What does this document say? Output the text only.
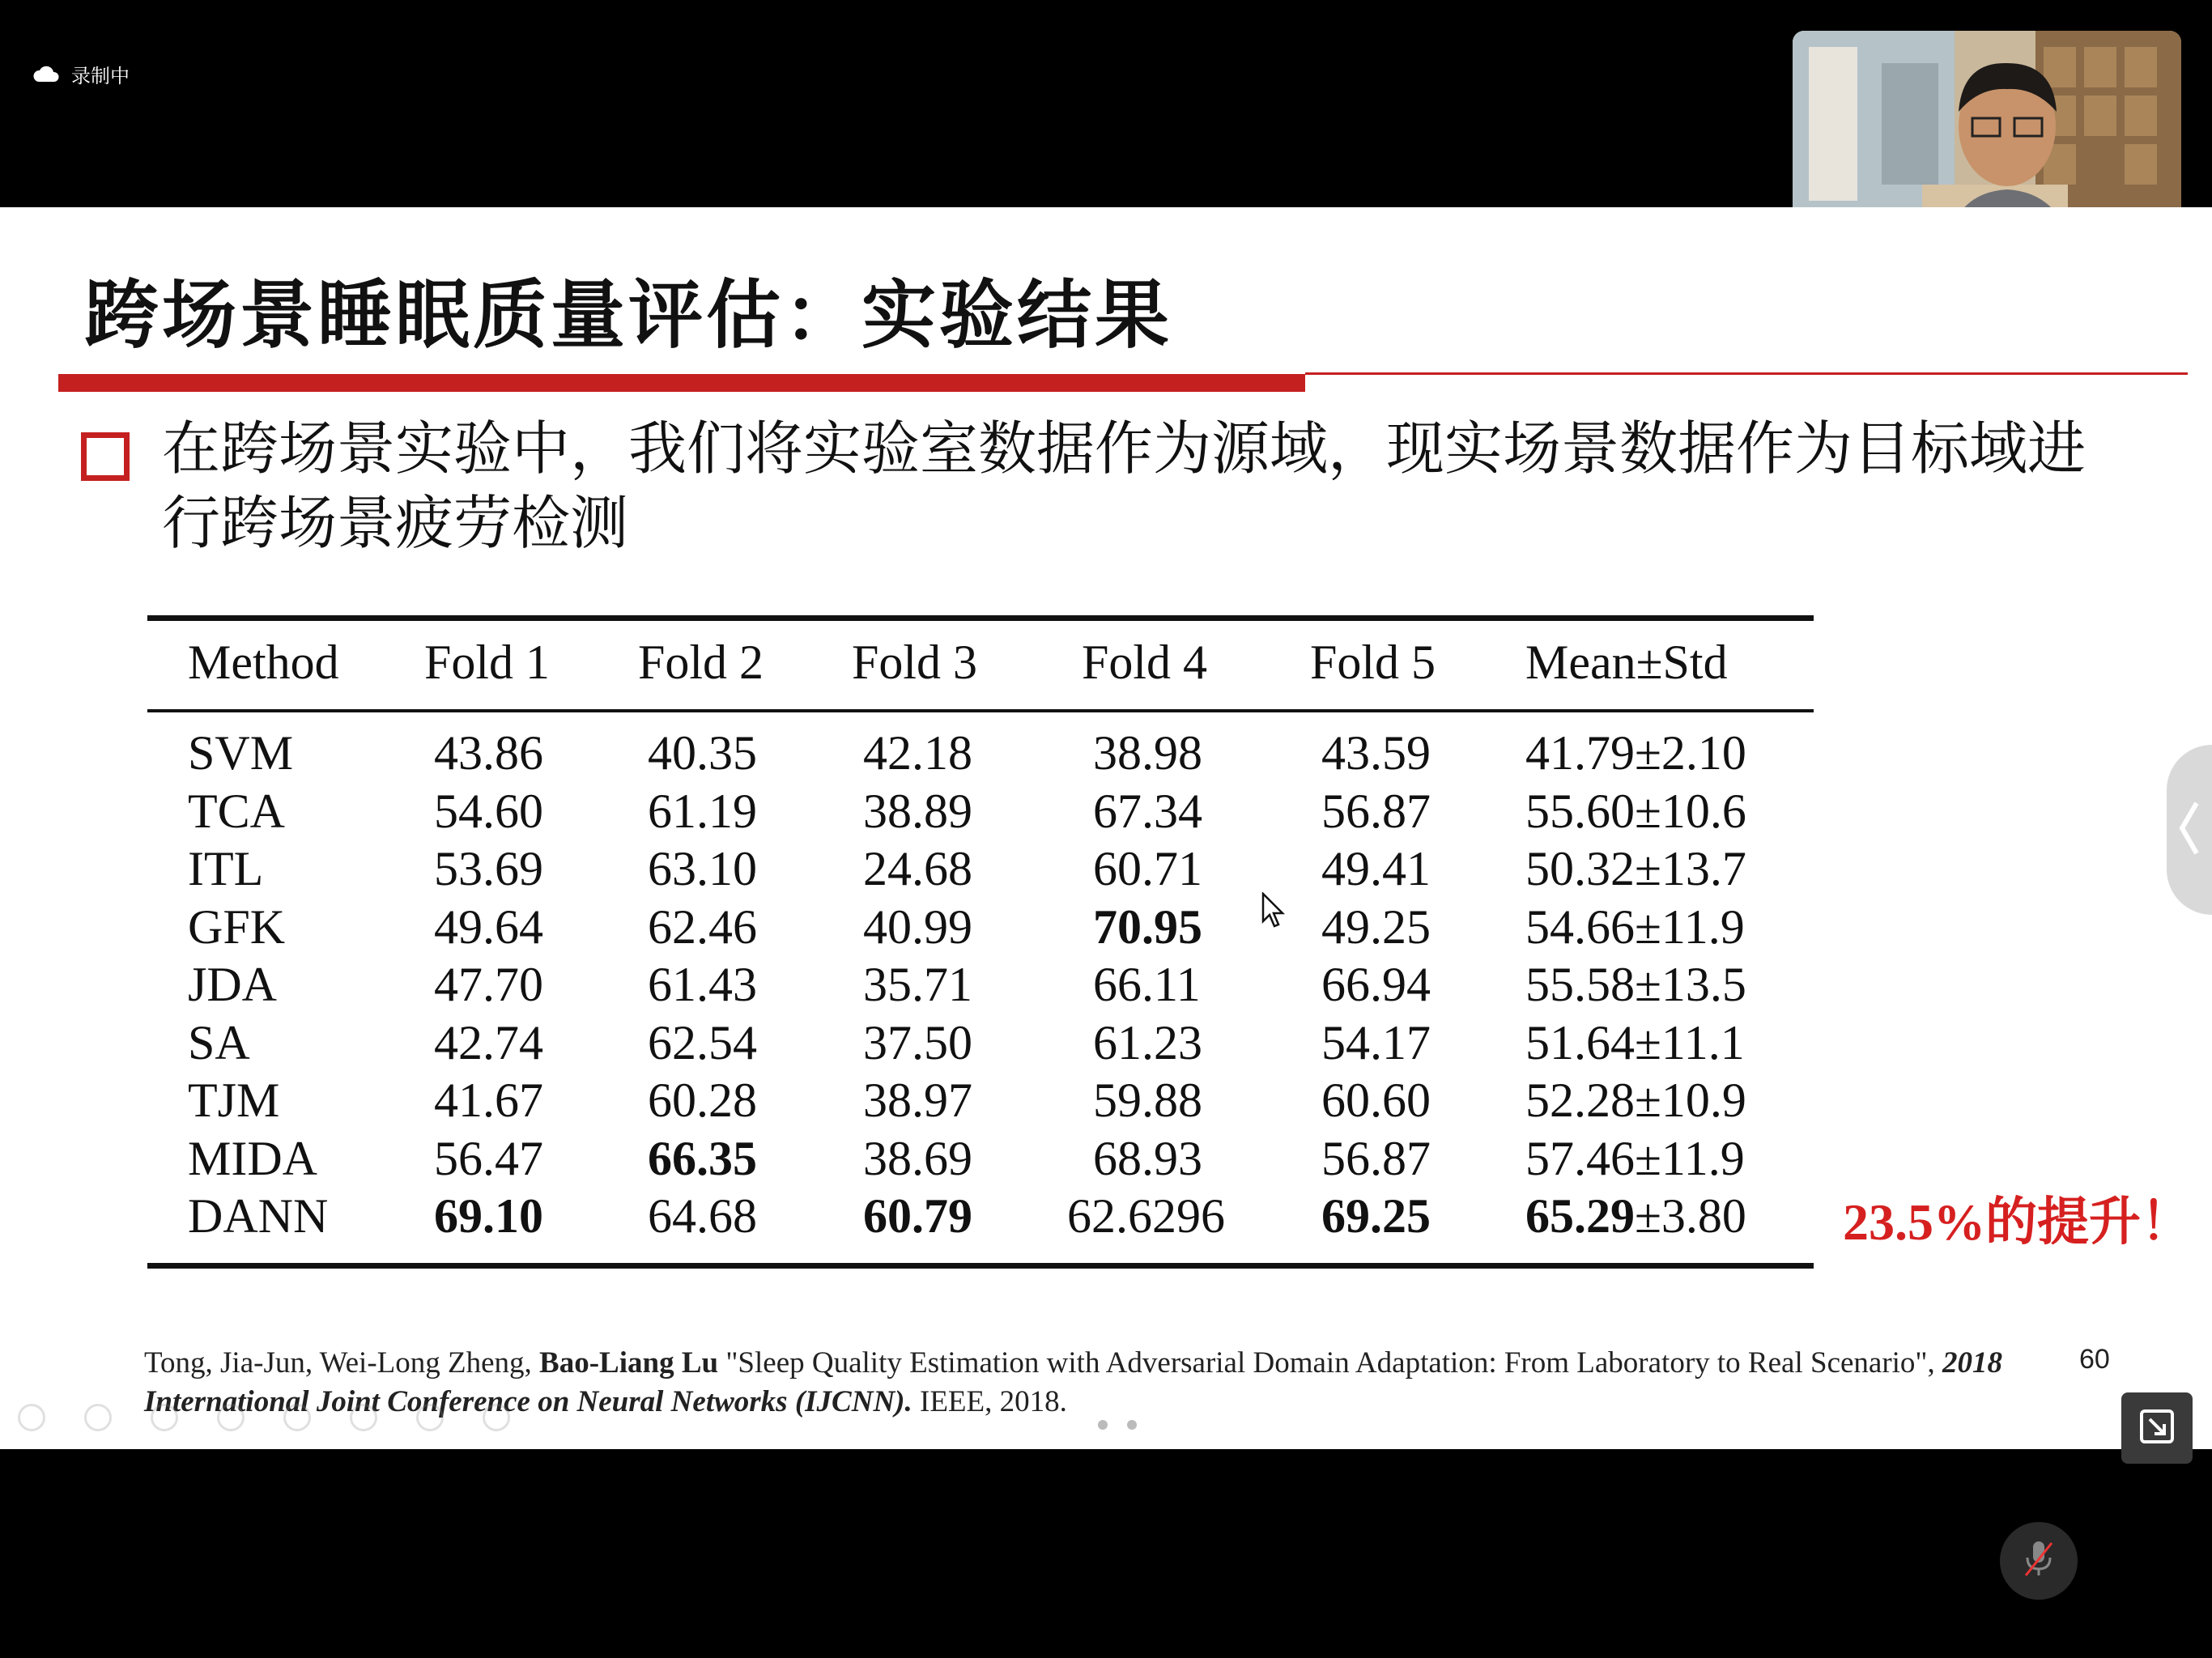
录制中
跨场景睡眠质量评估：实验结果
在跨场景实验中，我们将实验室数据作为源域，现实场景数据作为目标域进行跨场景疲劳检测
Method Fold 1 Fold 2 Fold 3 Fold 4 Fold 5 Mean±Std
SVM	43.86 40.35 42.18 38.98 43.59 41.79±2.10
TCA	54.60 61.19 38.89 67.34 56.87 55.60±10.6
ITL	53.69 63.10 24.68 60.71 49.41 50.32±13.7
GFK	49.64 62.46 40.99 70.95 49.25 54.66±11.9
JDA	47.70 61.43 35.71 66.11 66.94 55.58±13.5
SA	42.74 62.54 37.50 61.23 54.17 51.64±11.1
TJM	41.67 60.28 38.97 59.88 60.60 52.28±10.9
MIDA 56.47 66.35 38.69 68.93 56.87 57.46±11.9
DANN 69.10 64.68 60.79 62.6296 69.25 65.29±3.80 23.5%的提升！
Tong, Jia-Jun, Wei-Long Zheng, Bao-Liang Lu "Sleep Quality Estimation with Adversarial Domain Adaptation: From Laboratory to Real Scenario", 2018 International Joint Conference on Neural Networks (IJCNN). IEEE, 2018.
60
